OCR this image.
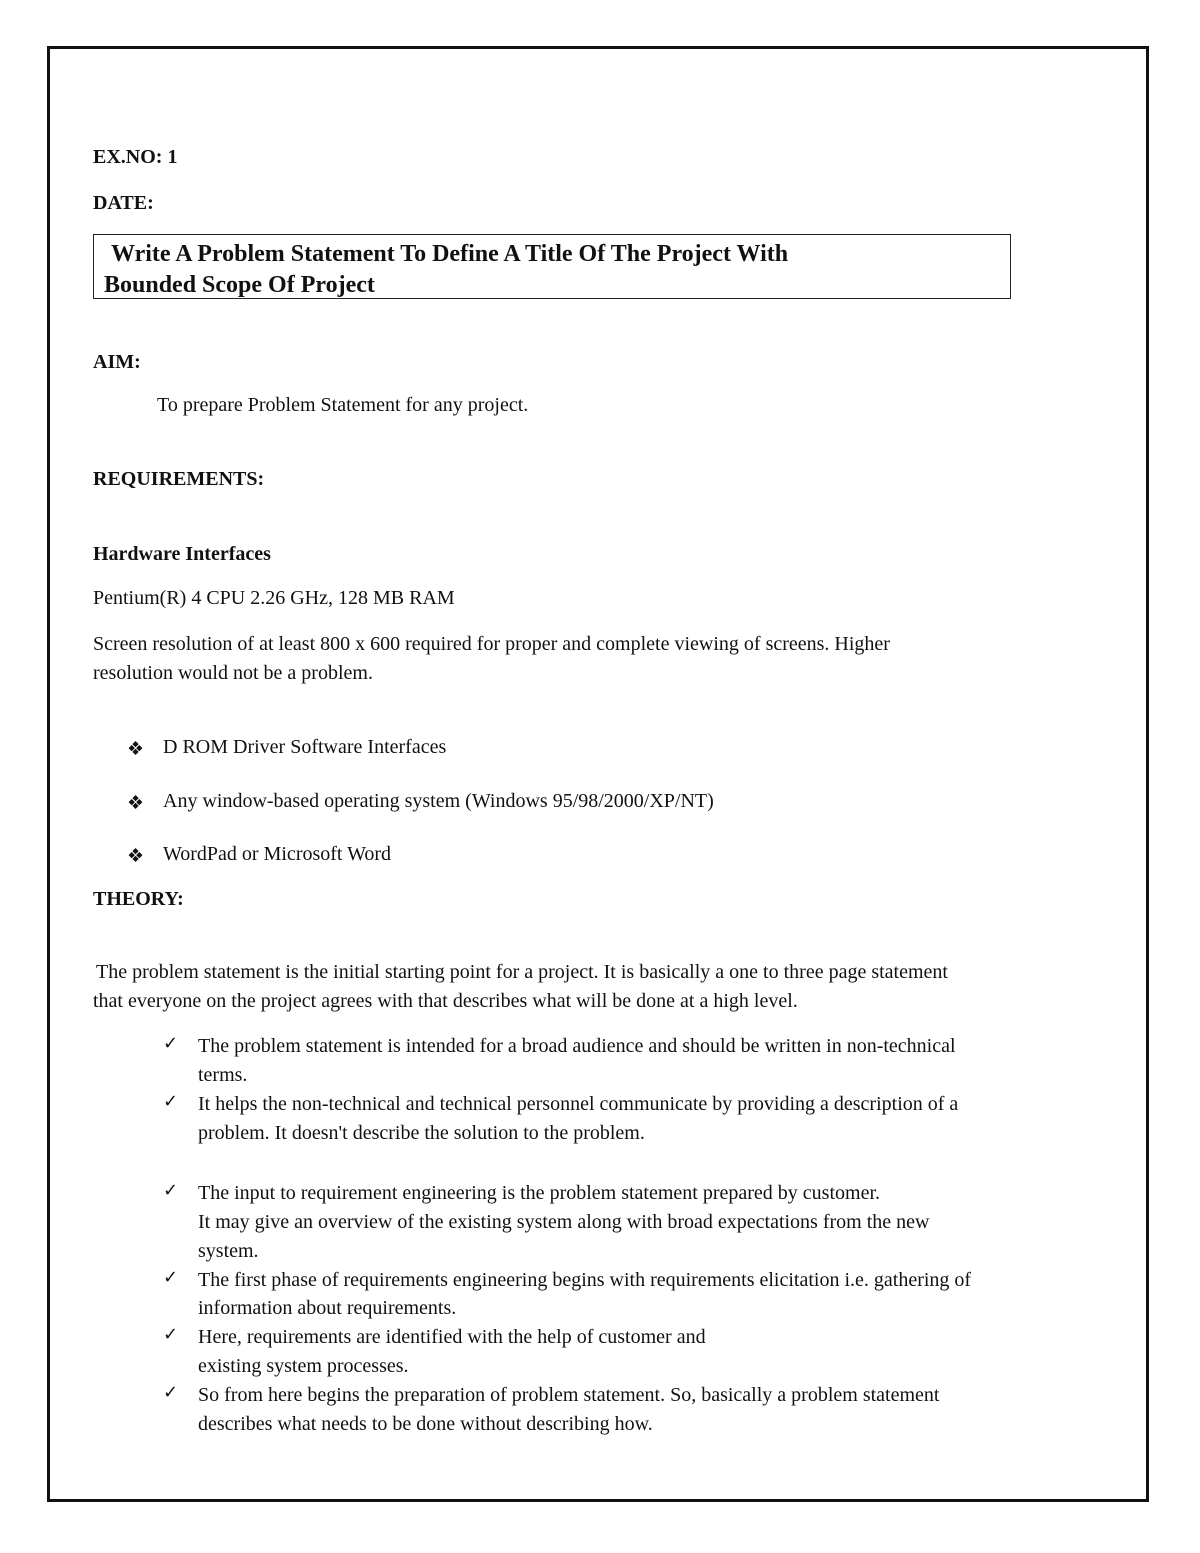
EX.NO: 1
DATE:
Write A Problem Statement To Define A Title Of The Project With
Bounded Scope Of Project
AIM:
To prepare Problem Statement for any project.
REQUIREMENTS:
Hardware Interfaces
Pentium(R) 4 CPU 2.26 GHz, 128 MB RAM
Screen resolution of at least 800 x 600 required for proper and complete viewing of screens. Higher
resolution would not be a problem.
❖ D ROM Driver Software Interfaces
❖ Any window-based operating system (Windows 95/98/2000/XP/NT)
❖ WordPad or Microsoft Word
THEORY:
The problem statement is the initial starting point for a project. It is basically a one to three page statement
that everyone on the project agrees with that describes what will be done at a high level.
✓ The problem statement is intended for a broad audience and should be written in non-technical
terms.
✓ It helps the non-technical and technical personnel communicate by providing a description of a
problem. It doesn't describe the solution to the problem.
✓ The input to requirement engineering is the problem statement prepared by customer.
It may give an overview of the existing system along with broad expectations from the new
system.
✓ The first phase of requirements engineering begins with requirements elicitation i.e. gathering of
information about requirements.
✓ Here, requirements are identified with the help of customer and
existing system processes.
✓ So from here begins the preparation of problem statement. So, basically a problem statement
describes what needs to be done without describing how.
